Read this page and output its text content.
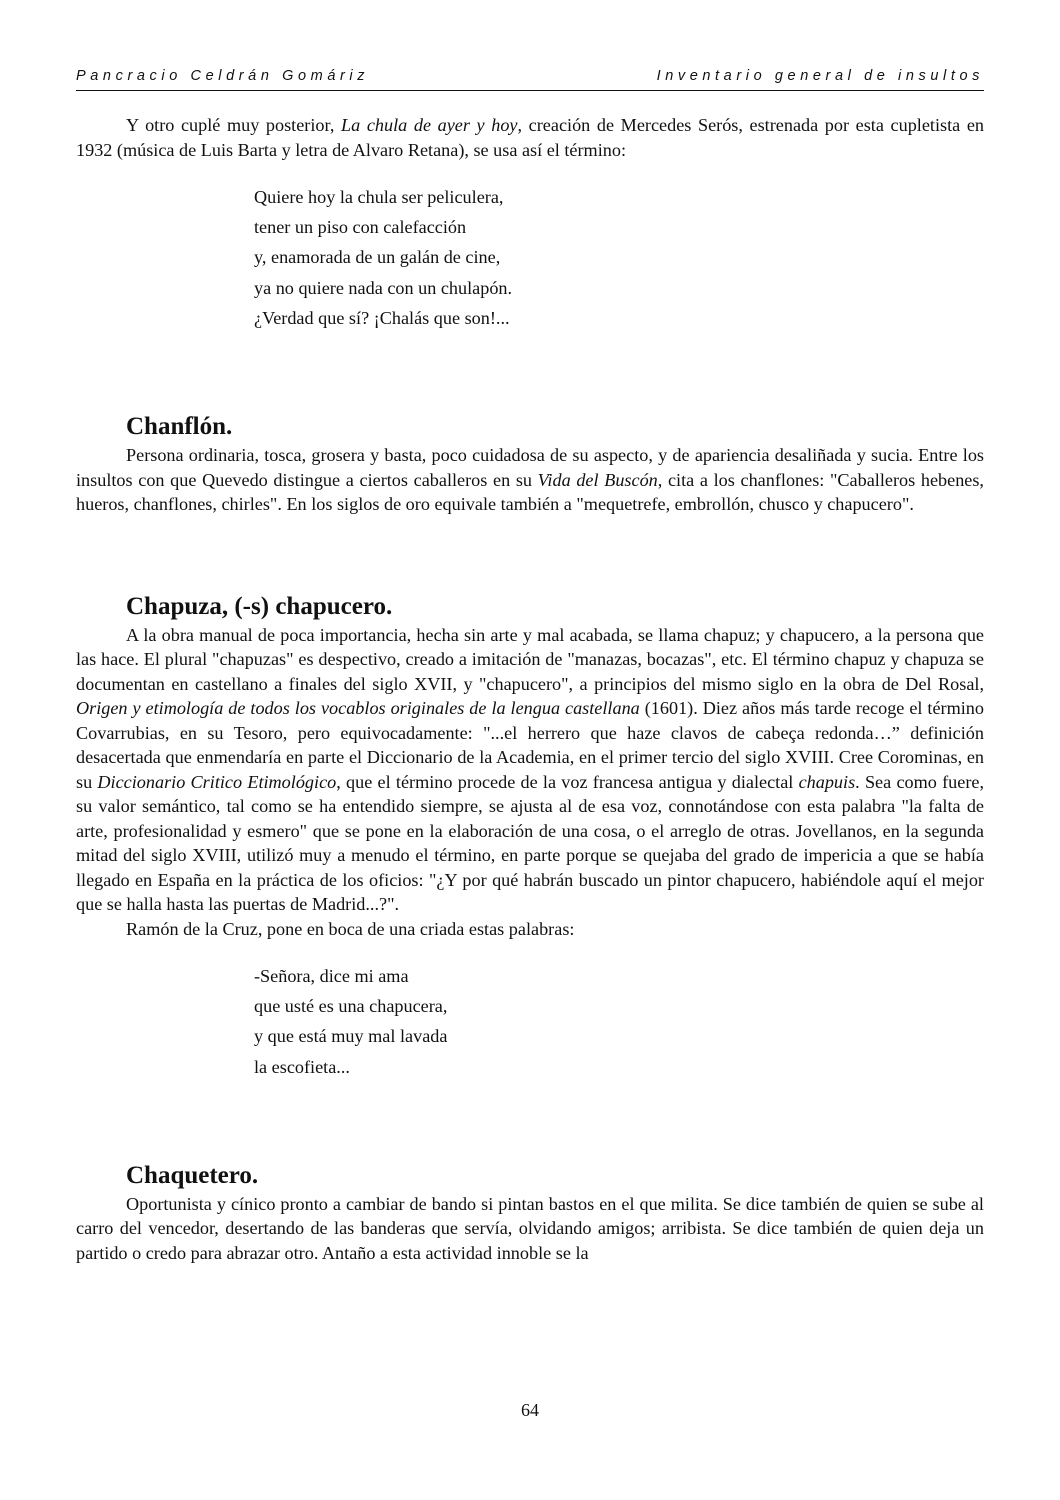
Pancracio Celdrán Gomáriz	Inventario general de insultos

Y otro cuplé muy posterior, La chula de ayer y hoy, creación de Mercedes Serós, estrenada por esta cupletista en 1932 (música de Luis Barta y letra de Alvaro Retana), se usa así el término:

Quiere hoy la chula ser peliculera,
tener un piso con calefacción
y, enamorada de un galán de cine,
ya no quiere nada con un chulapón.
¿Verdad que sí? ¡Chalás que son!...
Chanflón.

Persona ordinaria, tosca, grosera y basta, poco cuidadosa de su aspecto, y de apariencia desaliñada y sucia. Entre los insultos con que Quevedo distingue a ciertos caballeros en su Vida del Buscón, cita a los chanflones: "Caballeros hebenes, hueros, chanflones, chirles". En los siglos de oro equivale también a "mequetrefe, embrollón, chusco y chapucero".

Chapuza, (-s) chapucero.

A la obra manual de poca importancia, hecha sin arte y mal acabada, se llama chapuz; y chapucero, a la persona que las hace. El plural "chapuzas" es despectivo, creado a imitación de "manazas, bocazas", etc. El término chapuz y chapuza se documentan en castellano a finales del siglo XVII, y "chapucero", a principios del mismo siglo en la obra de Del Rosal, Origen y etimología de todos los vocablos originales de la lengua castellana (1601). Diez años más tarde recoge el término Covarrubias, en su Tesoro, pero equivocadamente: "...el herrero que haze clavos de cabeça redonda…” definición desacertada que enmendaría en parte el Diccionario de la Academia, en el primer tercio del siglo XVIII. Cree Corominas, en su Diccionario Critico Etimológico, que el término procede de la voz francesa antigua y dialectal chapuis. Sea como fuere, su valor semántico, tal como se ha entendido siempre, se ajusta al de esa voz, connotándose con esta palabra "la falta de arte, profesionalidad y esmero" que se pone en la elaboración de una cosa, o el arreglo de otras. Jovellanos, en la segunda mitad del siglo XVIII, utilizó muy a menudo el término, en parte porque se quejaba del grado de impericia a que se había llegado en España en la práctica de los oficios: "¿Y por qué habrán buscado un pintor chapucero, habiéndole aquí el mejor que se halla hasta las puertas de Madrid...?".

Ramón de la Cruz, pone en boca de una criada estas palabras:

-Señora, dice mi ama
que usté es una chapucera,
y que está muy mal lavada
la escofieta...
Chaquetero.

Oportunista y cínico pronto a cambiar de bando si pintan bastos en el que milita. Se dice también de quien se sube al carro del vencedor, desertando de las banderas que servía, olvidando amigos; arribista. Se dice también de quien deja un partido o credo para abrazar otro. Antaño a esta actividad innoble se la

64
